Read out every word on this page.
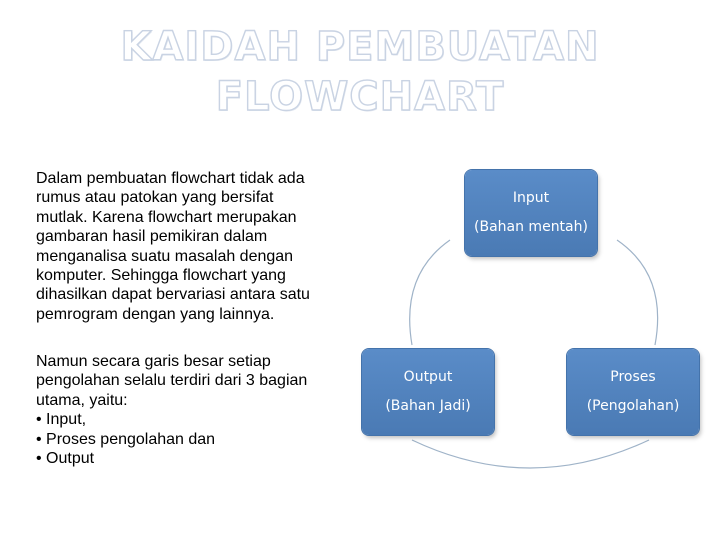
KAIDAH PEMBUATAN
FLOWCHART
Dalam pembuatan flowchart tidak ada
rumus atau patokan yang bersifat
mutlak. Karena flowchart merupakan
gambaran hasil pemikiran dalam
menganalisa suatu masalah dengan
komputer. Sehingga flowchart yang
dihasilkan dapat bervariasi antara satu
pemrogram dengan yang lainnya.
Namun secara garis besar setiap
pengolahan selalu terdiri dari 3 bagian
utama, yaitu:
• Input,
• Proses pengolahan dan
• Output
Input
(Bahan mentah)
Output
(Bahan Jadi)
Proses
(Pengolahan)
